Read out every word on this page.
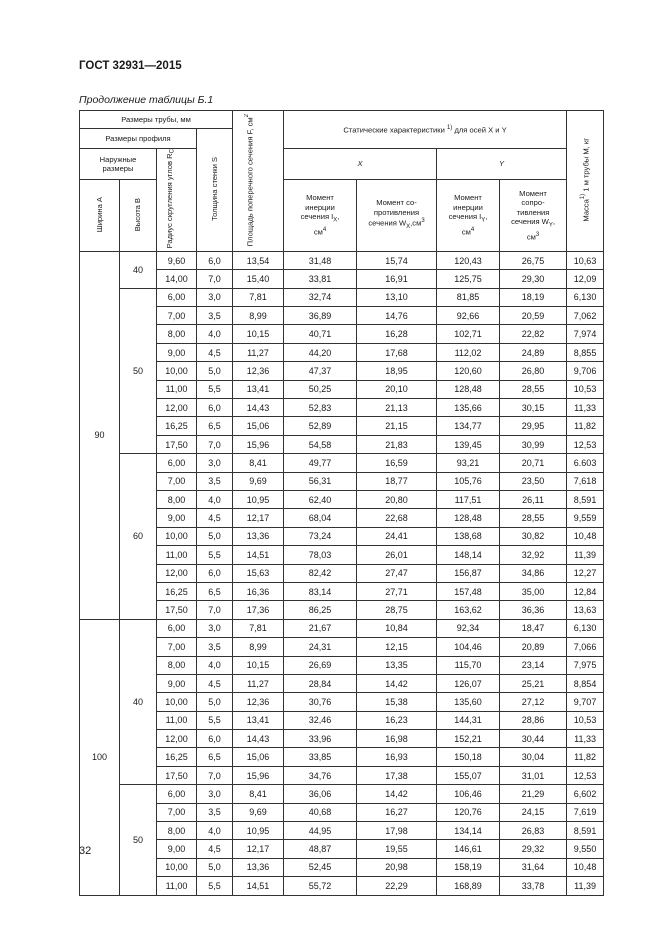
ГОСТ 32931—2015
Продолжение таблицы Б.1
Размеры трубы, мм				Площадь поперечного сечения F, $см^2$	Статические характеристики $^{1)}$ для осей X и Y				Масса$^{1)}$ 1 м трубы M, кг
Размеры профиля			Толщина стенки S						
Наружные размеры		Радиус скругления углов $R_C$			X		Y		
Ширина A	Высота B				Момент инерции сечения $I_X$, $см^4$	Момент сопротивления сечения $W_X,см^3$	Момент инерции сечения $I_Y$, $см^4$	Момент сопротивления сечения $W_Y$, $см^3$

90	40	9,60	6,0	13,54	31,48	15,74	120,43	26,75	10,63
		14,00	7,0	15,40	33,81	16,91	125,75	29,30	12,09
	50	6,00	3,0	7,81	32,74	13,10	81,85	18,19	6,130
		7,00	3,5	8,99	36,89	14,76	92,66	20,59	7,062
		8,00	4,0	10,15	40,71	16,28	102,71	22,82	7,974
		9,00	4,5	11,27	44,20	17,68	112,02	24,89	8,855
		10,00	5,0	12,36	47,37	18,95	120,60	26,80	9,706
		11,00	5,5	13,41	50,25	20,10	128,48	28,55	10,53
		12,00	6,0	14,43	52,83	21,13	135,66	30,15	11,33
		16,25	6,5	15,06	52,89	21,15	134,77	29,95	11,82
		17,50	7,0	15,96	54,58	21,83	139,45	30,99	12,53
	60	6,00	3,0	8,41	49,77	16,59	93,21	20,71	6.603
		7,00	3,5	9,69	56,31	18,77	105,76	23,50	7,618
		8,00	4,0	10,95	62,40	20,80	117,51	26,11	8,591
		9,00	4,5	12,17	68,04	22,68	128,48	28,55	9,559
		10,00	5,0	13,36	73,24	24,41	138,68	30,82	10,48
		11,00	5,5	14,51	78,03	26,01	148,14	32,92	11,39
		12,00	6,0	15,63	82,42	27,47	156,87	34,86	12,27
		16,25	6,5	16,36	83,14	27,71	157,48	35,00	12,84
		17,50	7,0	17,36	86,25	28,75	163,62	36,36	13,63
100	40	6,00	3,0	7,81	21,67	10,84	92,34	18,47	6,130
		7,00	3,5	8,99	24,31	12,15	104,46	20,89	7,066
		8,00	4,0	10,15	26,69	13,35	115,70	23,14	7,975
		9,00	4,5	11,27	28,84	14,42	126,07	25,21	8,854
		10,00	5,0	12,36	30,76	15,38	135,60	27,12	9,707
		11,00	5,5	13,41	32,46	16,23	144,31	28,86	10,53
		12,00	6,0	14,43	33,96	16,98	152,21	30,44	11,33
		16,25	6,5	15,06	33,85	16,93	150,18	30,04	11,82
		17,50	7,0	15,96	34,76	17,38	155,07	31,01	12,53
	50	6,00	3,0	8,41	36,06	14,42	106,46	21,29	6,602
		7,00	3,5	9,69	40,68	16,27	120,76	24,15	7,619
		8,00	4,0	10,95	44,95	17,98	134,14	26,83	8,591
		9,00	4,5	12,17	48,87	19,55	146,61	29,32	9,550
		10,00	5,0	13,36	52,45	20,98	158,19	31,64	10,48
		11,00	5,5	14,51	55,72	22,29	168,89	33,78	11,39
32
